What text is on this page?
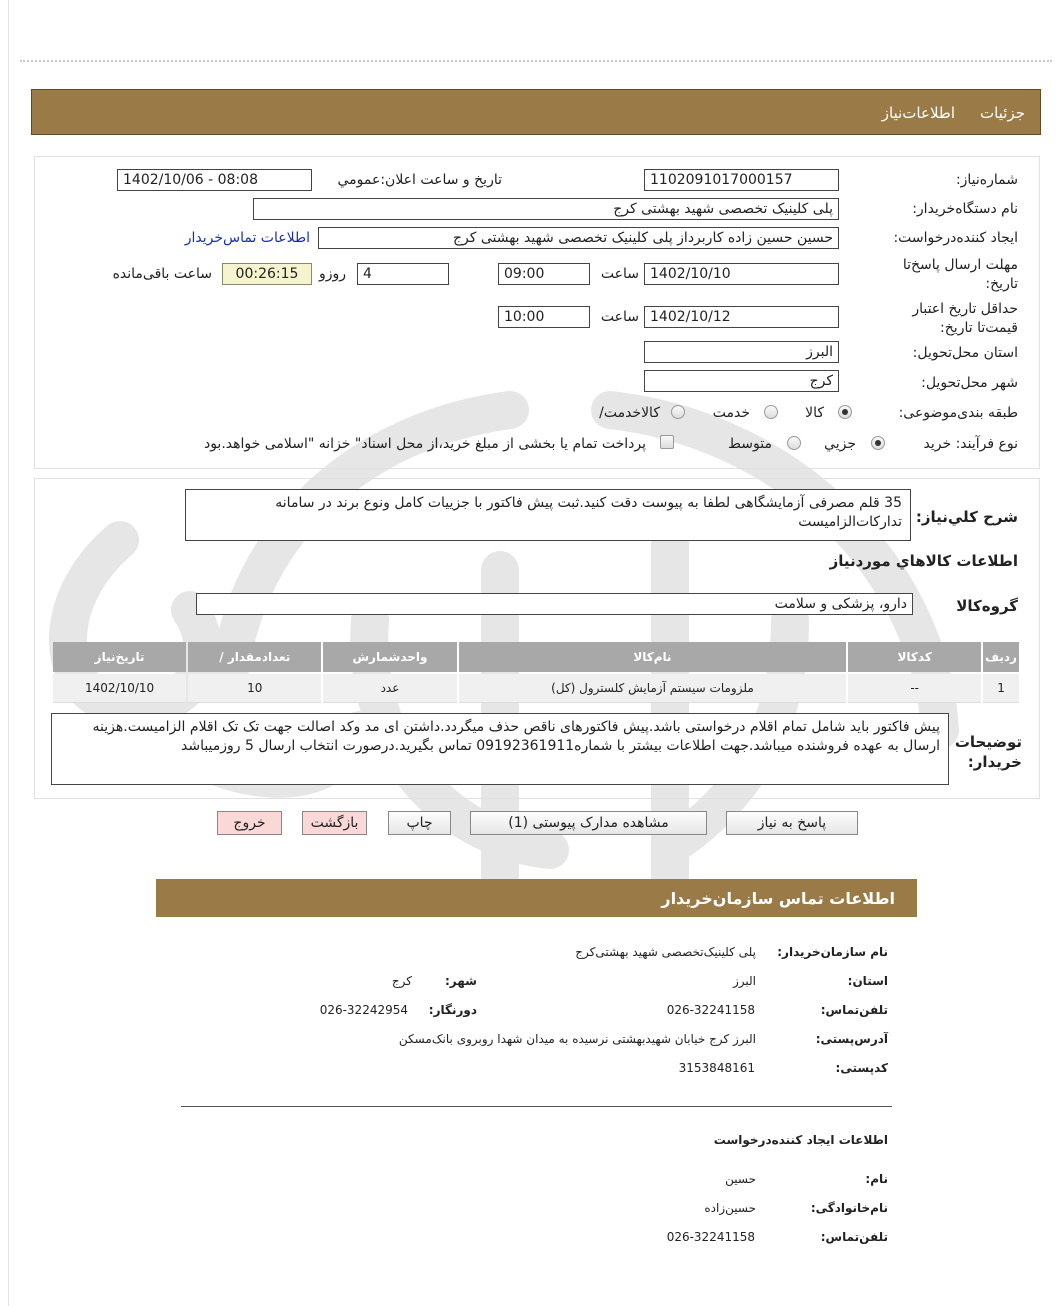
جزئيات
اطلاعات‌نیاز
شماره‌نیاز:
1102091017000157
تاریخ و ساعت اعلان:عمومي
1402/10/06 - 08:08
نام دستگاه‌خریدار:
پلی کلینیک تخصصی شهید بهشتی کرج
ایجاد کننده‌درخواست:
حسین حسین زاده کاربرداز پلی کلینیک تخصصی شهید بهشتی کرج
اطلاعات تماس‌خریدار
مهلت ارسال پاسخ‌تا تاریخ:
1402/10/10
ساعت
09:00
4
روزو
00:26:15
ساعت باقی‌مانده
حداقل تاریخ اعتبار قیمت‌تا تاریخ:
1402/10/12
ساعت
10:00
استان محل‌تحویل:
البرز
شهر محل‌تحویل:
کرج
طبقه بندی‌موضوعی:
کالا
خدمت
کالا‌خدمت/
نوع فرآیند: خرید
جزيي
متوسط
پرداخت تمام یا بخشی از مبلغ خرید،از محل اسناد" خزانه "اسلامی خواهد.بود
شرح کلي‌نیاز:
35 قلم مصرفی آزمایشگاهی لطفا به پیوست دقت کنید.ثبت پیش فاکتور با جزییات کامل ونوع برند در سامانه تدارکات‌الزامیست
اطلاعات کالاهاي موردنیاز
گروه‌کالا
دارو، پزشکی و سلامت
ردیف	کدکالا	نام‌کالا	واحدشمارش	تعدادمقدار /	تاریخ‌نیاز
1	--	ملزومات سیستم آزمایش کلسترول (کل)	عدد	10	1402/10/10
توضیحات خریدار:
پیش فاکتور باید شامل تمام اقلام درخواستی باشد.پیش فاکتورهای ناقص حذف میگردد.داشتن ای مد وکد اصالت جهت تک تک اقلام الزامیست.هزینه ارسال به عهده فروشنده میباشد.جهت اطلاعات بیشتر با شماره09192361911 تماس بگیرید.درصورت انتخاب ارسال 5 روزمیباشد
پاسخ به نیاز
مشاهده مدارک پیوستی (1)
چاپ
بازگشت
خروج
اطلاعات تماس سازمان‌خریدار
نام سازمان‌خریدار:
پلی کلینیک‌تخصصی شهید بهشتی‌کرج
استان:
البرز
شهر:
کرج
تلفن‌تماس:
026-32241158
دورنگار:
026-32242954
آدرس‌پستی:
البرز کرج خیابان شهیدبهشتی نرسیده به میدان شهدا روبروی بانک‌مسکن
کدپستی:
3153848161
اطلاعات ایجاد کننده‌درخواست
نام:
حسین
نام‌خانوادگی:
حسین‌زاده
تلفن‌تماس:
026-32241158
